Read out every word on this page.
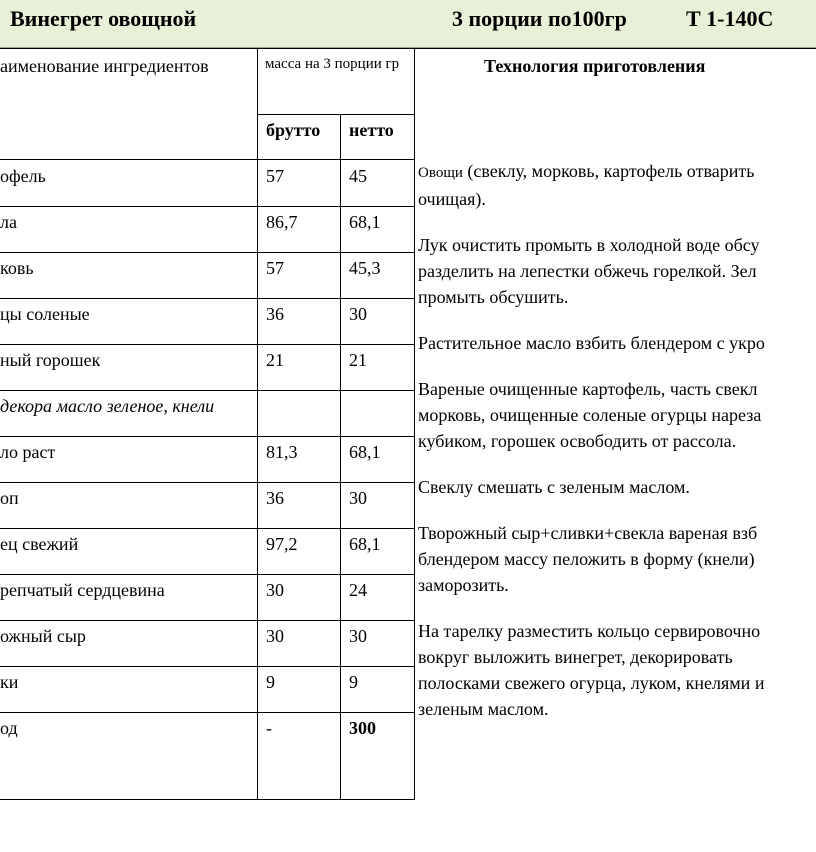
Винегрет овощной	3 порции по100гр	Т 1-140С
аименование ингредиентов	масса на 3 порции гр
брутто нетто
Технология приготовления
офель	57	45
ла	86,7	68,1
ковь	57	45,3
цы соленые	36	30
ный горошек	21	21
декора масло зеленое, кнели
ло раст	81,3	68,1
оп	36	30
ец свежий	97,2	68,1
репчатый сердцевина	30	24
ожный сыр	30	30
ки	9	9
од	-	300

Овощи (свеклу, морковь, картофель отварить
очищая).

Лук очистить промыть в холодной воде обсу
разделить на лепестки обжечь горелкой. Зел
промыть обсушить.

Растительное масло взбить блендером с укро

Вареные очищенные картофель, часть свекл
морковь, очищенные соленые огурцы нареза
кубиком, горошек освободить от рассола.

Свеклу смешать с зеленым маслом.

Творожный сыр+сливки+свекла вареная взб
блендером массу пеложить в форму (кнели)
заморозить.

На тарелку разместить кольцо сервировочно
вокруг выложить винегрет, декорировать
полосками свежего огурца, луком, кнелями и
зеленым маслом.
